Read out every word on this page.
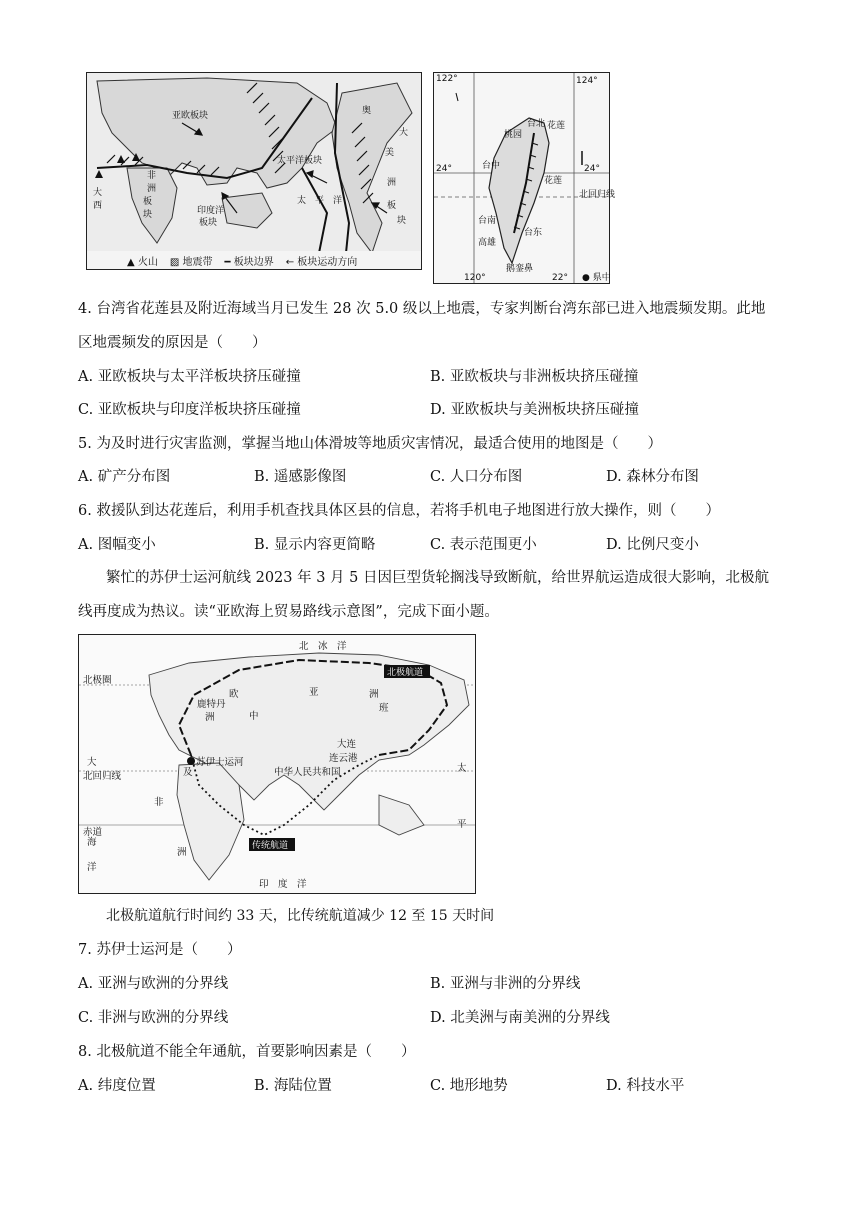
亚欧板块
非
洲
板
块	印度洋
板块
太平洋板块
太　平　洋
奥
大
美
洲
板
块
大
西
▲ 火山 ▨ 地震带 ━ 板块边界 ← 板块运动方向
台北 花莲
桃园
台中
花莲
北回归线
台南
台东
高雄
鹅銮鼻
122°	124°
24°	24°
120°	22° ● 県中
4. 台湾省花莲县及附近海域当月已发生 28 次 5.0 级以上地震，专家判断台湾东部已进入地震频发期。此地
区地震频发的原因是（　　）
A. 亚欧板块与太平洋板块挤压碰撞	B. 亚欧板块与非洲板块挤压碰撞
C. 亚欧板块与印度洋板块挤压碰撞	D. 亚欧板块与美洲板块挤压碰撞
5. 为及时进行灾害监测，掌握当地山体滑坡等地质灾害情况，最适合使用的地图是（　　）
A. 矿产分布图	B. 遥感影像图	C. 人口分布图	D. 森林分布图
6. 救援队到达花莲后，利用手机查找具体区县的信息，若将手机电子地图进行放大操作，则（　　）
A. 图幅变小	B. 显示内容更简略	C. 表示范围更小	D. 比例尺变小
繁忙的苏伊士运河航线 2023 年 3 月 5 日因巨型货轮搁浅导致断航，给世界航运造成很大影响，北极航
线再度成为热议。读“亚欧海上贸易路线示意图”，完成下面小题。
北极航道
传统航道
北　冰　洋
北极圈
欧
洲
亚	洲
中
鹿特丹
苏伊士运河
中华人民共和国
大连
连云港
北回归线
赤道
非
洲
印　度　洋
太
平
大
海
洋
及
班
北极航道航行时间约 33 天，比传统航道减少 12 至 15 天时间
7. 苏伊士运河是（　　）
A. 亚洲与欧洲的分界线	B. 亚洲与非洲的分界线
C. 非洲与欧洲的分界线	D. 北美洲与南美洲的分界线
8. 北极航道不能全年通航，首要影响因素是（　　）
A. 纬度位置	B. 海陆位置	C. 地形地势	D. 科技水平
